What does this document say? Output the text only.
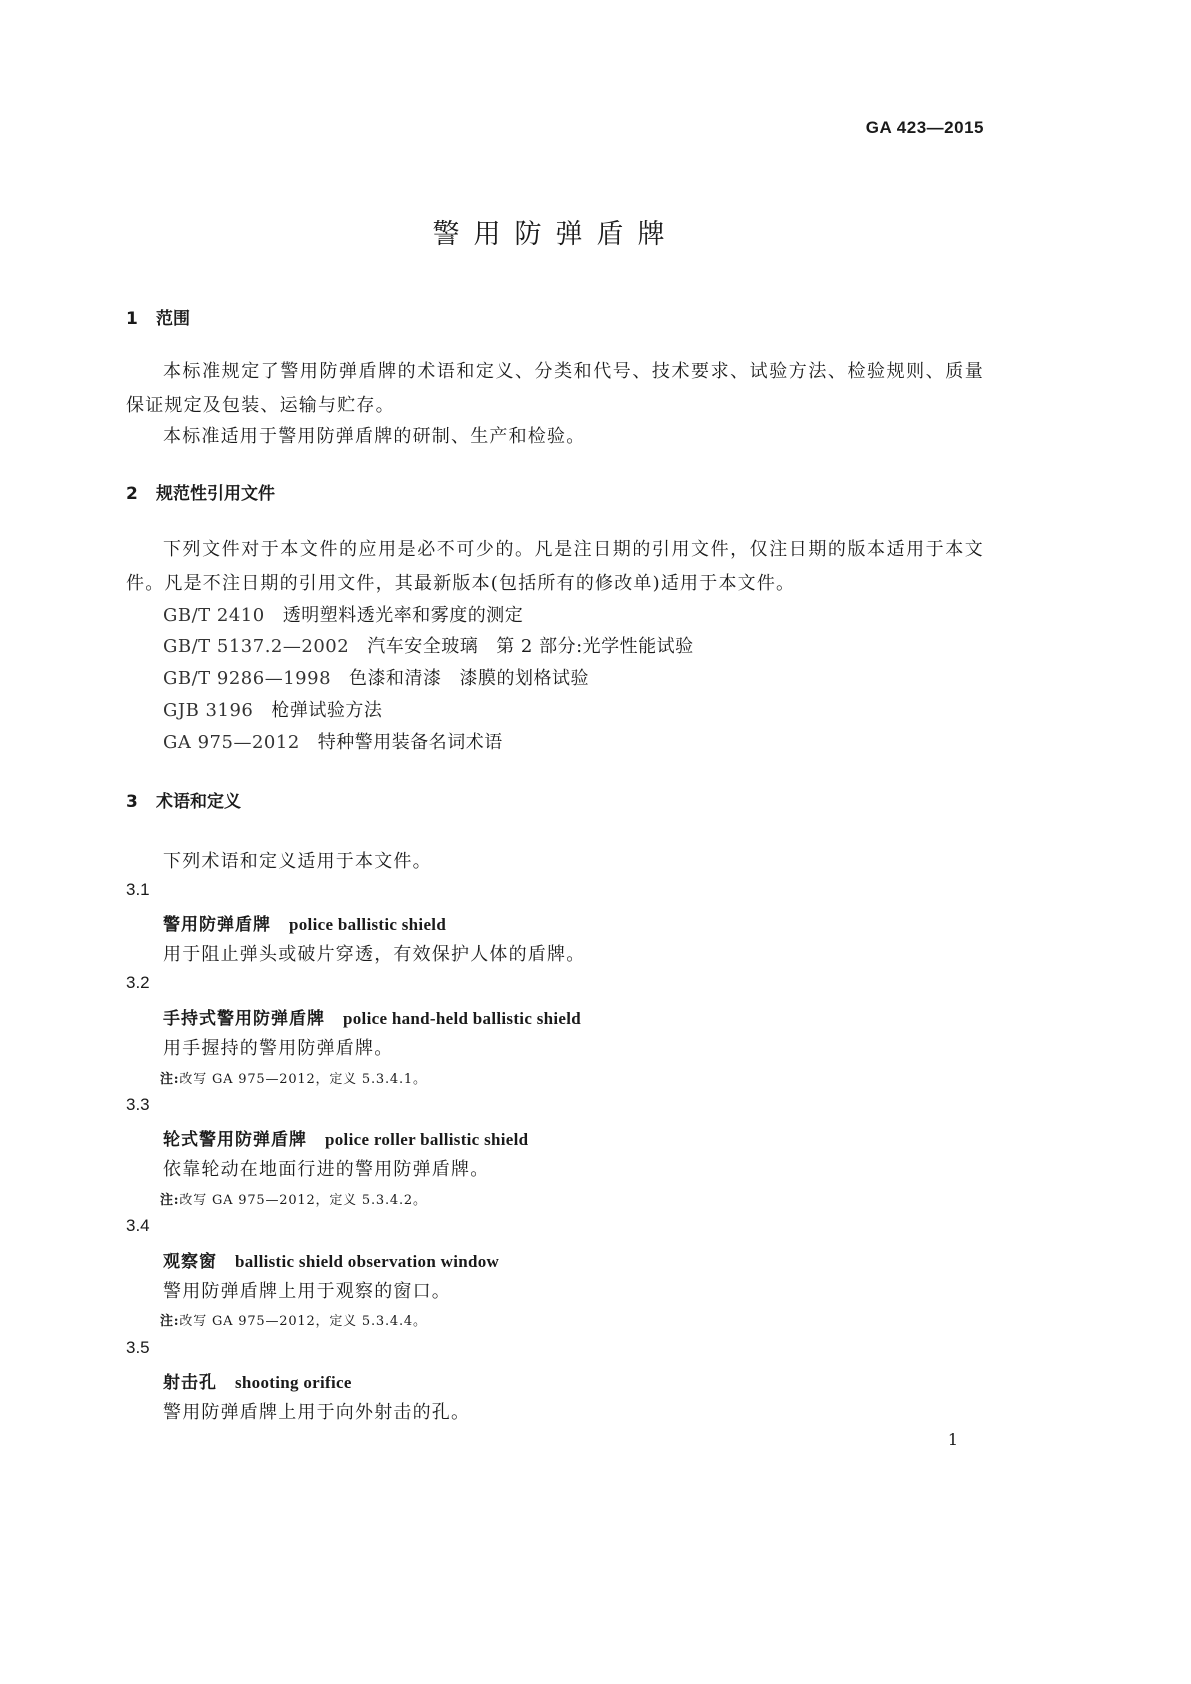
GA 423—2015
警用防弹盾牌
1 范围
本标准规定了警用防弹盾牌的术语和定义、分类和代号、技术要求、试验方法、检验规则、质量保证规定及包装、运输与贮存。
本标准适用于警用防弹盾牌的研制、生产和检验。
2 规范性引用文件
下列文件对于本文件的应用是必不可少的。凡是注日期的引用文件，仅注日期的版本适用于本文件。凡是不注日期的引用文件，其最新版本(包括所有的修改单)适用于本文件。
GB/T 2410 透明塑料透光率和雾度的测定
GB/T 5137.2—2002 汽车安全玻璃 第 2 部分:光学性能试验
GB/T 9286—1998 色漆和清漆 漆膜的划格试验
GJB 3196 枪弹试验方法
GA 975—2012 特种警用装备名词术语
3 术语和定义
下列术语和定义适用于本文件。
3.1
警用防弹盾牌 police ballistic shield
用于阻止弹头或破片穿透，有效保护人体的盾牌。
3.2
手持式警用防弹盾牌 police hand-held ballistic shield
用手握持的警用防弹盾牌。
注:改写 GA 975—2012，定义 5.3.4.1。
3.3
轮式警用防弹盾牌 police roller ballistic shield
依靠轮动在地面行进的警用防弹盾牌。
注:改写 GA 975—2012，定义 5.3.4.2。
3.4
观察窗 ballistic shield observation window
警用防弹盾牌上用于观察的窗口。
注:改写 GA 975—2012，定义 5.3.4.4。
3.5
射击孔 shooting orifice
警用防弹盾牌上用于向外射击的孔。
1
